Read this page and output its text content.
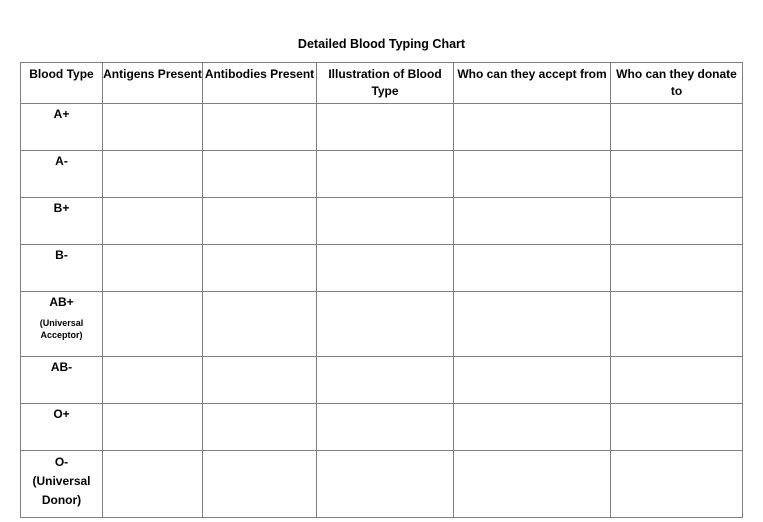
Detailed Blood Typing Chart
Blood Type	Antigens Present	Antibodies Present	Illustration of Blood Type	Who can they accept from	Who can they donate to
A+					
A-					
B+					
B-					
AB+
(Universal
Acceptor)					

AB-					
O+					

O-
(Universal
Donor)					
